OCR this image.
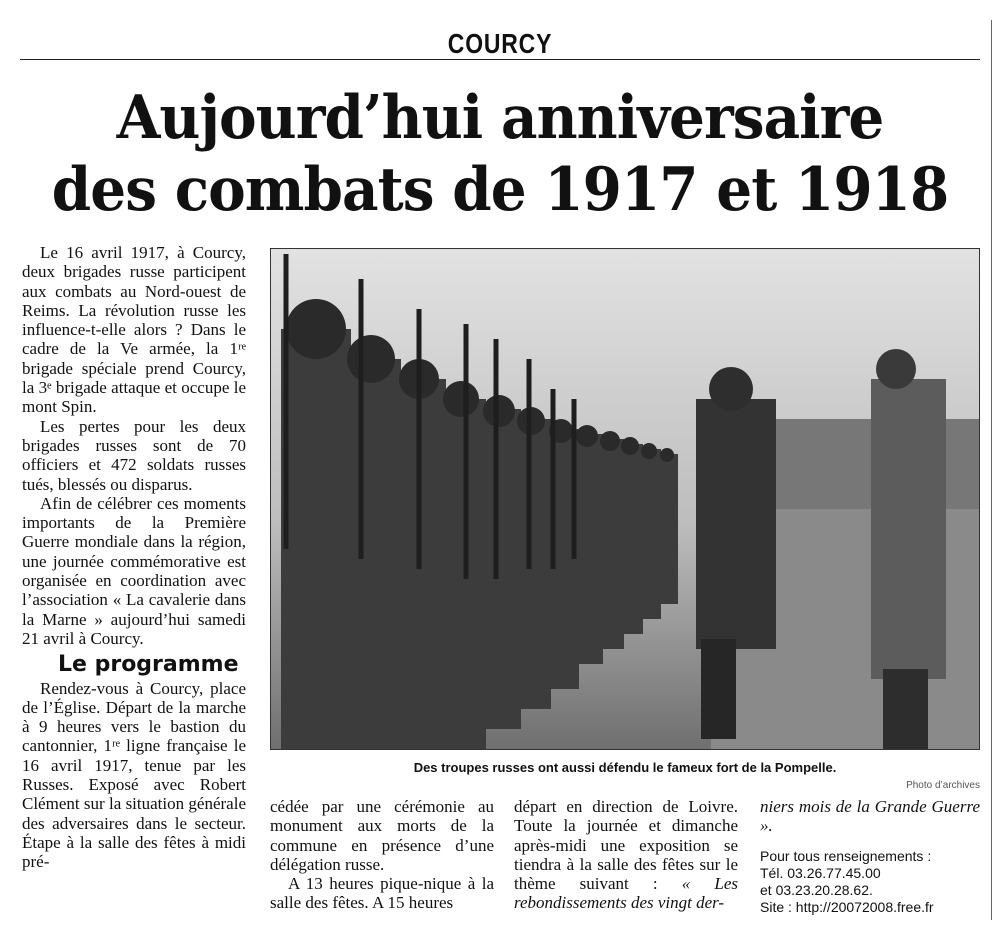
COURCY
Aujourd’hui anniversaire
des combats de 1917 et 1918

Le 16 avril 1917, à Courcy, deux brigades russe participent aux combats au Nord-ouest de Reims. La révolution russe les influence-t-elle alors ? Dans le cadre de la Ve armée, la 1ʳᵉ brigade spéciale prend Courcy, la 3ᵉ brigade attaque et occupe le mont Spin.

Les pertes pour les deux brigades russes sont de 70 officiers et 472 soldats russes tués, blessés ou disparus.

Afin de célébrer ces moments importants de la Première Guerre mondiale dans la région, une journée commémorative est organisée en coordination avec l’association « La cavalerie dans la Marne » aujourd’hui samedi 21 avril à Courcy.

Le programme

Rendez-vous à Courcy, place de l’Église. Départ de la marche à 9 heures vers le bastion du cantonnier, 1ʳᵉ ligne française le 16 avril 1917, tenue par les Russes. Exposé avec Robert Clément sur la situation générale des adversaires dans le secteur. Étape à la salle des fêtes à midi pré-

Des troupes russes ont aussi défendu le fameux fort de la Pompelle.
Photo d’archives

cédée par une cérémonie au monument aux morts de la commune en présence d’une délégation russe.

A 13 heures pique-nique à la salle des fêtes. A 15 heures

départ en direction de Loivre. Toute la journée et dimanche après-midi une exposition se tiendra à la salle des fêtes sur le thème suivant : « Les rebondissements des vingt der-

niers mois de la Grande Guerre ».

Pour tous renseignements :
Tél. 03.26.77.45.00
et 03.23.20.28.62.
Site : http://20072008.free.fr
